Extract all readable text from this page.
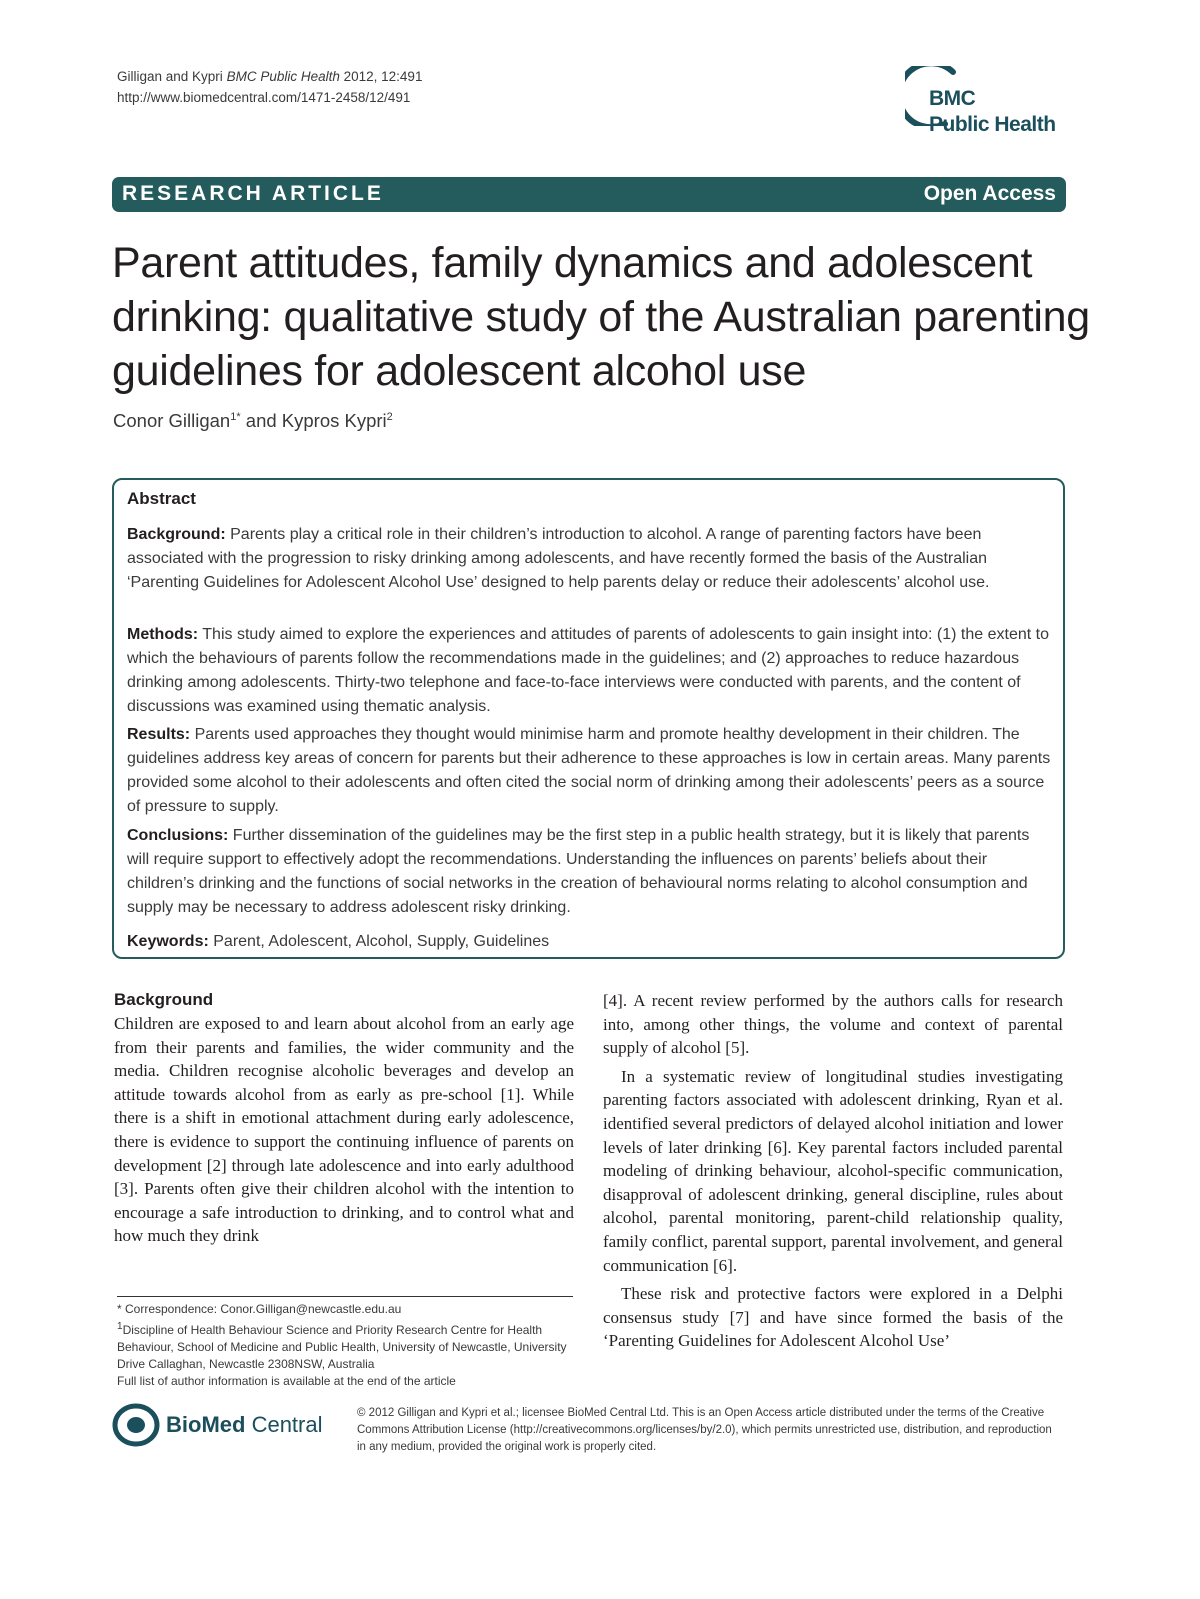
Gilligan and Kypri BMC Public Health 2012, 12:491
http://www.biomedcentral.com/1471-2458/12/491	BMC
Public Health
RESEARCH ARTICLE	Open Access
Parent attitudes, family dynamics and adolescent drinking: qualitative study of the Australian parenting guidelines for adolescent alcohol use
Conor Gilligan$^{1*}$ and Kypros Kypri$^2$
Abstract
Background: Parents play a critical role in their children’s introduction to alcohol. A range of parenting factors have been associated with the progression to risky drinking among adolescents, and have recently formed the basis of the Australian ‘Parenting Guidelines for Adolescent Alcohol Use’ designed to help parents delay or reduce their adolescents’ alcohol use.
Methods: This study aimed to explore the experiences and attitudes of parents of adolescents to gain insight into: (1) the extent to which the behaviours of parents follow the recommendations made in the guidelines; and (2) approaches to reduce hazardous drinking among adolescents. Thirty-two telephone and face-to-face interviews were conducted with parents, and the content of discussions was examined using thematic analysis.
Results: Parents used approaches they thought would minimise harm and promote healthy development in their children. The guidelines address key areas of concern for parents but their adherence to these approaches is low in certain areas. Many parents provided some alcohol to their adolescents and often cited the social norm of drinking among their adolescents’ peers as a source of pressure to supply.
Conclusions: Further dissemination of the guidelines may be the first step in a public health strategy, but it is likely that parents will require support to effectively adopt the recommendations. Understanding the influences on parents’ beliefs about their children’s drinking and the functions of social networks in the creation of behavioural norms relating to alcohol consumption and supply may be necessary to address adolescent risky drinking.
Keywords: Parent, Adolescent, Alcohol, Supply, Guidelines
Background

Children are exposed to and learn about alcohol from an early age from their parents and families, the wider community and the media. Children recognise alcoholic beverages and develop an attitude towards alcohol from as early as pre-school [1]. While there is a shift in emotional attachment during early adolescence, there is evidence to support the continuing influence of parents on development [2] through late adolescence and into early adulthood [3]. Parents often give their children alcohol with the intention to encourage a safe introduction to drinking, and to control what and how much they drink

[4]. A recent review performed by the authors calls for research into, among other things, the volume and context of parental supply of alcohol [5].

In a systematic review of longitudinal studies investigating parenting factors associated with adolescent drinking, Ryan et al. identified several predictors of delayed alcohol initiation and lower levels of later drinking [6]. Key parental factors included parental modeling of drinking behaviour, alcohol-specific communication, disapproval of adolescent drinking, general discipline, rules about alcohol, parental monitoring, parent-child relationship quality, family conflict, parental support, parental involvement, and general communication [6].

These risk and protective factors were explored in a Delphi consensus study [7] and have since formed the basis of the ‘Parenting Guidelines for Adolescent Alcohol Use’

* Correspondence: Conor.Gilligan@newcastle.edu.au

$^1$Discipline of Health Behaviour Science and Priority Research Centre for Health Behaviour, School of Medicine and Public Health, University of Newcastle, University Drive Callaghan, Newcastle 2308NSW, Australia

Full list of author information is available at the end of the article

BioMed Central	© 2012 Gilligan and Kypri et al.; licensee BioMed Central Ltd. This is an Open Access article distributed under the terms of the Creative Commons Attribution License (http://creativecommons.org/licenses/by/2.0), which permits unrestricted use, distribution, and reproduction in any medium, provided the original work is properly cited.
